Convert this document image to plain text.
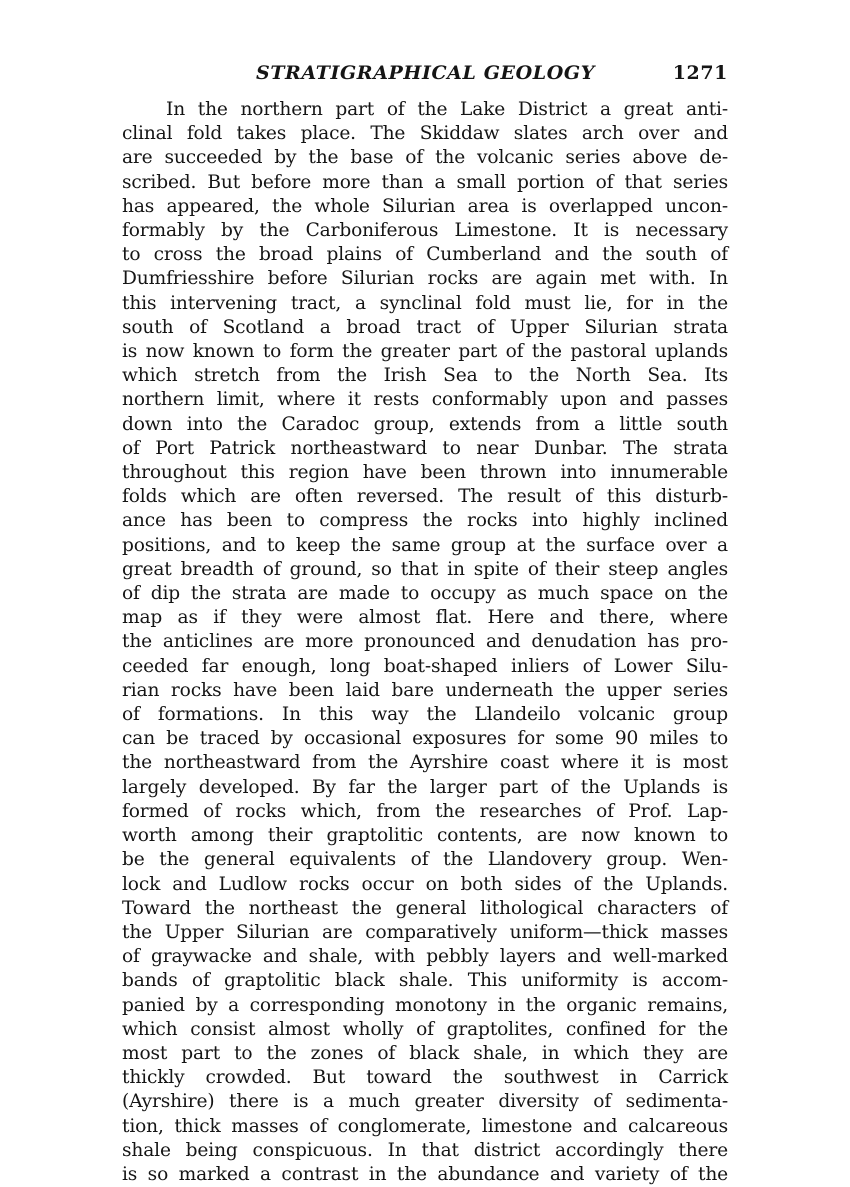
STRATIGRAPHICAL GEOLOGY	1271
In the northern part of the Lake District a great anti-
clinal fold takes place. The Skiddaw slates arch over and
are succeeded by the base of the volcanic series above de-
scribed. But before more than a small portion of that series
has appeared, the whole Silurian area is overlapped uncon-
formably by the Carboniferous Limestone. It is necessary
to cross the broad plains of Cumberland and the south of
Dumfriesshire before Silurian rocks are again met with. In
this intervening tract, a synclinal fold must lie, for in the
south of Scotland a broad tract of Upper Silurian strata
is now known to form the greater part of the pastoral uplands
which stretch from the Irish Sea to the North Sea. Its
northern limit, where it rests conformably upon and passes
down into the Caradoc group, extends from a little south
of Port Patrick northeastward to near Dunbar. The strata
throughout this region have been thrown into innumerable
folds which are often reversed. The result of this disturb-
ance has been to compress the rocks into highly inclined
positions, and to keep the same group at the surface over a
great breadth of ground, so that in spite of their steep angles
of dip the strata are made to occupy as much space on the
map as if they were almost flat. Here and there, where
the anticlines are more pronounced and denudation has pro-
ceeded far enough, long boat-shaped inliers of Lower Silu-
rian rocks have been laid bare underneath the upper series
of formations. In this way the Llandeilo volcanic group
can be traced by occasional exposures for some 90 miles to
the northeastward from the Ayrshire coast where it is most
largely developed. By far the larger part of the Uplands is
formed of rocks which, from the researches of Prof. Lap-
worth among their graptolitic contents, are now known to
be the general equivalents of the Llandovery group. Wen-
lock and Ludlow rocks occur on both sides of the Uplands.
Toward the northeast the general lithological characters of
the Upper Silurian are comparatively uniform—thick masses
of graywacke and shale, with pebbly layers and well-marked
bands of graptolitic black shale. This uniformity is accom-
panied by a corresponding monotony in the organic remains,
which consist almost wholly of graptolites, confined for the
most part to the zones of black shale, in which they are
thickly crowded. But toward the southwest in Carrick
(Ayrshire) there is a much greater diversity of sedimenta-
tion, thick masses of conglomerate, limestone and calcareous
shale being conspicuous. In that district accordingly there
is so marked a contrast in the abundance and variety of the
